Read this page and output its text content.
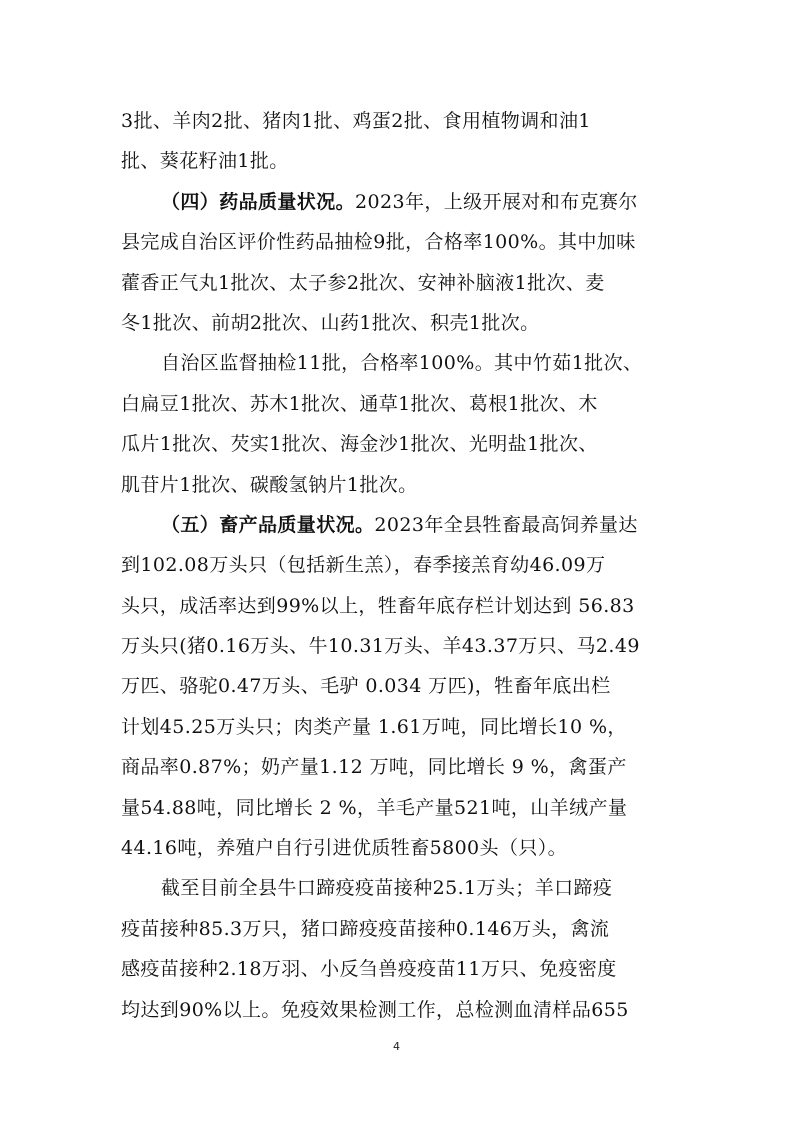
3批、羊肉2批、猪肉1批、鸡蛋2批、食用植物调和油1
批、葵花籽油1批。
（四）药品质量状况。2023年，上级开展对和布克赛尔
县完成自治区评价性药品抽检9批，合格率100%。其中加味
藿香正气丸1批次、太子参2批次、安神补脑液1批次、麦
冬1批次、前胡2批次、山药1批次、积壳1批次。
自治区监督抽检11批，合格率100%。其中竹茹1批次、
白扁豆1批次、苏木1批次、通草1批次、葛根1批次、木
瓜片1批次、芡实1批次、海金沙1批次、光明盐1批次、
肌苷片1批次、碳酸氢钠片1批次。
（五）畜产品质量状况。2023年全县牲畜最高饲养量达
到102.08万头只（包括新生羔），春季接羔育幼46.09万
头只，成活率达到99%以上，牲畜年底存栏计划达到 56.83
万头只(猪0.16万头、牛10.31万头、羊43.37万只、马2.49
万匹、骆驼0.47万头、毛驴 0.034 万匹)，牲畜年底出栏
计划45.25万头只；肉类产量 1.61万吨，同比增长10 %，
商品率0.87%；奶产量1.12 万吨，同比增长 9 %，禽蛋产
量54.88吨，同比增长 2 %，羊毛产量521吨，山羊绒产量
44.16吨，养殖户自行引进优质牲畜5800头（只）。
截至目前全县牛口蹄疫疫苗接种25.1万头；羊口蹄疫
疫苗接种85.3万只，猪口蹄疫疫苗接种0.146万头，禽流
感疫苗接种2.18万羽、小反刍兽疫疫苗11万只、免疫密度
均达到90%以上。免疫效果检测工作，总检测血清样品655
4
